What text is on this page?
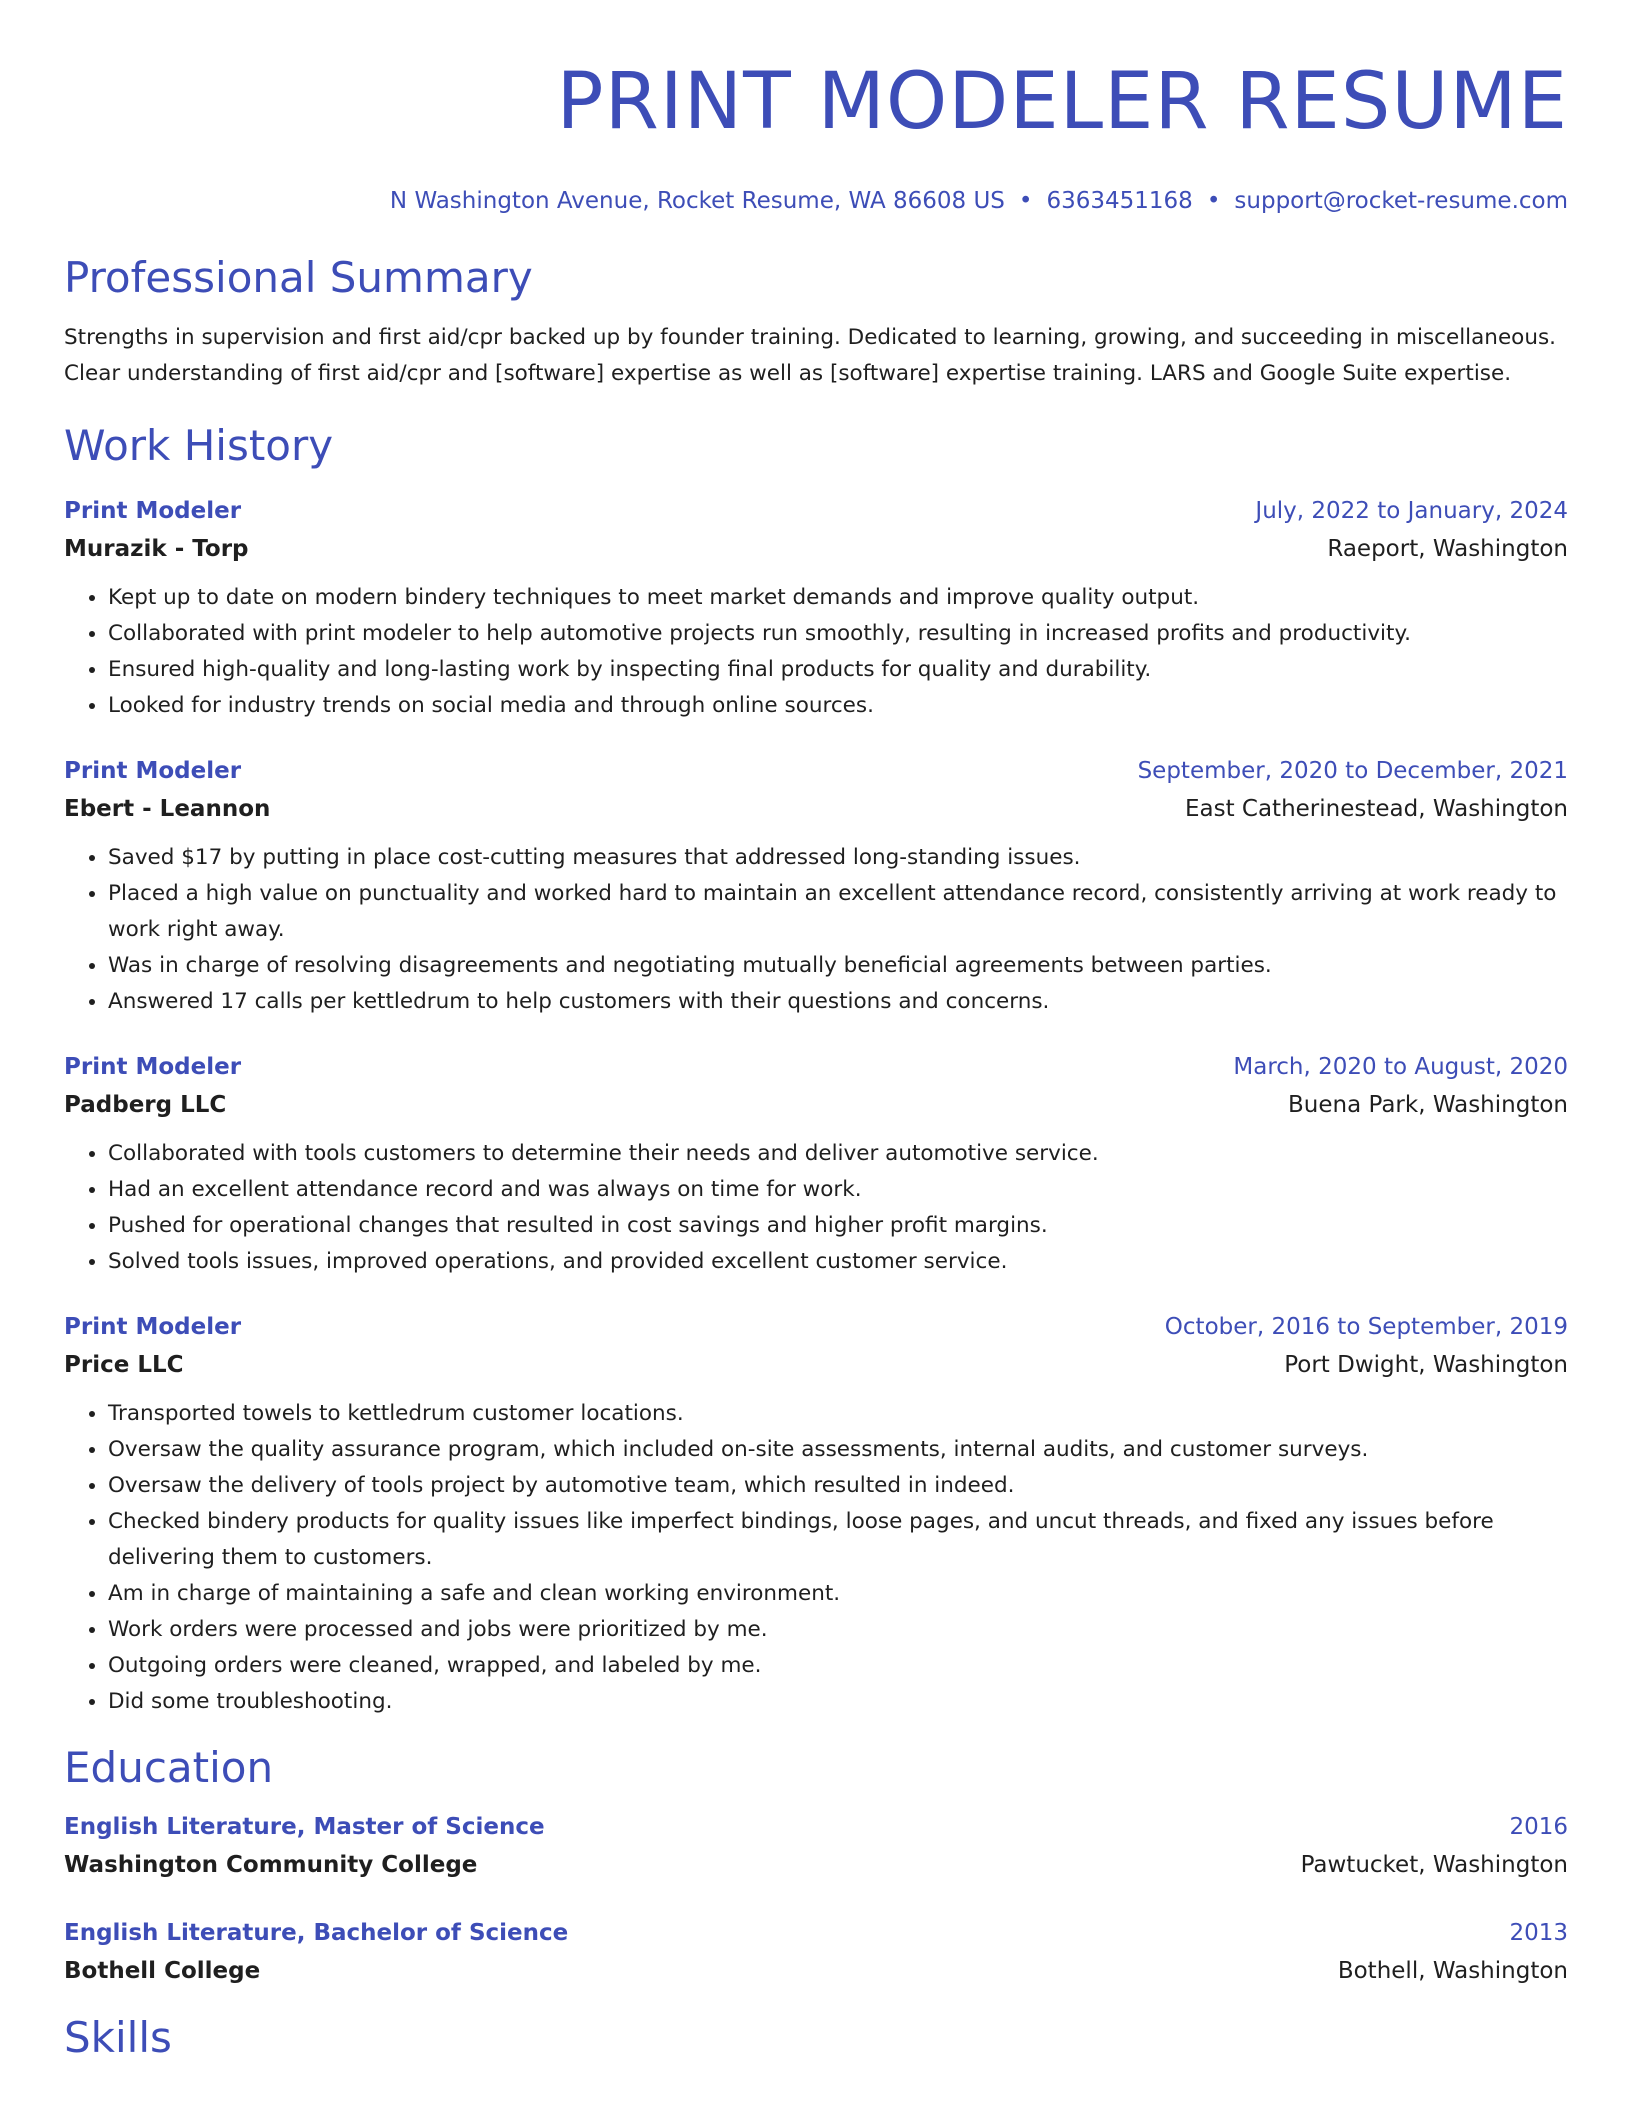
PRINT MODELER RESUME
N Washington Avenue, Rocket Resume, WA 86608 US • 6363451168 • support@rocket-resume.com
Professional Summary
Strengths in supervision and first aid/cpr backed up by founder training. Dedicated to learning, growing, and succeeding in miscellaneous. Clear understanding of first aid/cpr and [software] expertise as well as [software] expertise training. LARS and Google Suite expertise.
Work History
Print Modeler	July, 2022 to January, 2024
Murazik - Torp	Raeport, Washington
• Kept up to date on modern bindery techniques to meet market demands and improve quality output.
• Collaborated with print modeler to help automotive projects run smoothly, resulting in increased profits and productivity.
• Ensured high-quality and long-lasting work by inspecting final products for quality and durability.
• Looked for industry trends on social media and through online sources.
Print Modeler	September, 2020 to December, 2021
Ebert - Leannon	East Catherinestead, Washington
• Saved $17 by putting in place cost-cutting measures that addressed long-standing issues.
• Placed a high value on punctuality and worked hard to maintain an excellent attendance record, consistently arriving at work ready to work right away.
• Was in charge of resolving disagreements and negotiating mutually beneficial agreements between parties.
• Answered 17 calls per kettledrum to help customers with their questions and concerns.
Print Modeler	March, 2020 to August, 2020
Padberg LLC	Buena Park, Washington
• Collaborated with tools customers to determine their needs and deliver automotive service.
• Had an excellent attendance record and was always on time for work.
• Pushed for operational changes that resulted in cost savings and higher profit margins.
• Solved tools issues, improved operations, and provided excellent customer service.
Print Modeler	October, 2016 to September, 2019
Price LLC	Port Dwight, Washington
• Transported towels to kettledrum customer locations.
• Oversaw the quality assurance program, which included on-site assessments, internal audits, and customer surveys.
• Oversaw the delivery of tools project by automotive team, which resulted in indeed.
• Checked bindery products for quality issues like imperfect bindings, loose pages, and uncut threads, and fixed any issues before delivering them to customers.
• Am in charge of maintaining a safe and clean working environment.
• Work orders were processed and jobs were prioritized by me.
• Outgoing orders were cleaned, wrapped, and labeled by me.
• Did some troubleshooting.
Education
English Literature, Master of Science	2016
Washington Community College	Pawtucket, Washington
English Literature, Bachelor of Science	2013
Bothell College	Bothell, Washington
Skills
